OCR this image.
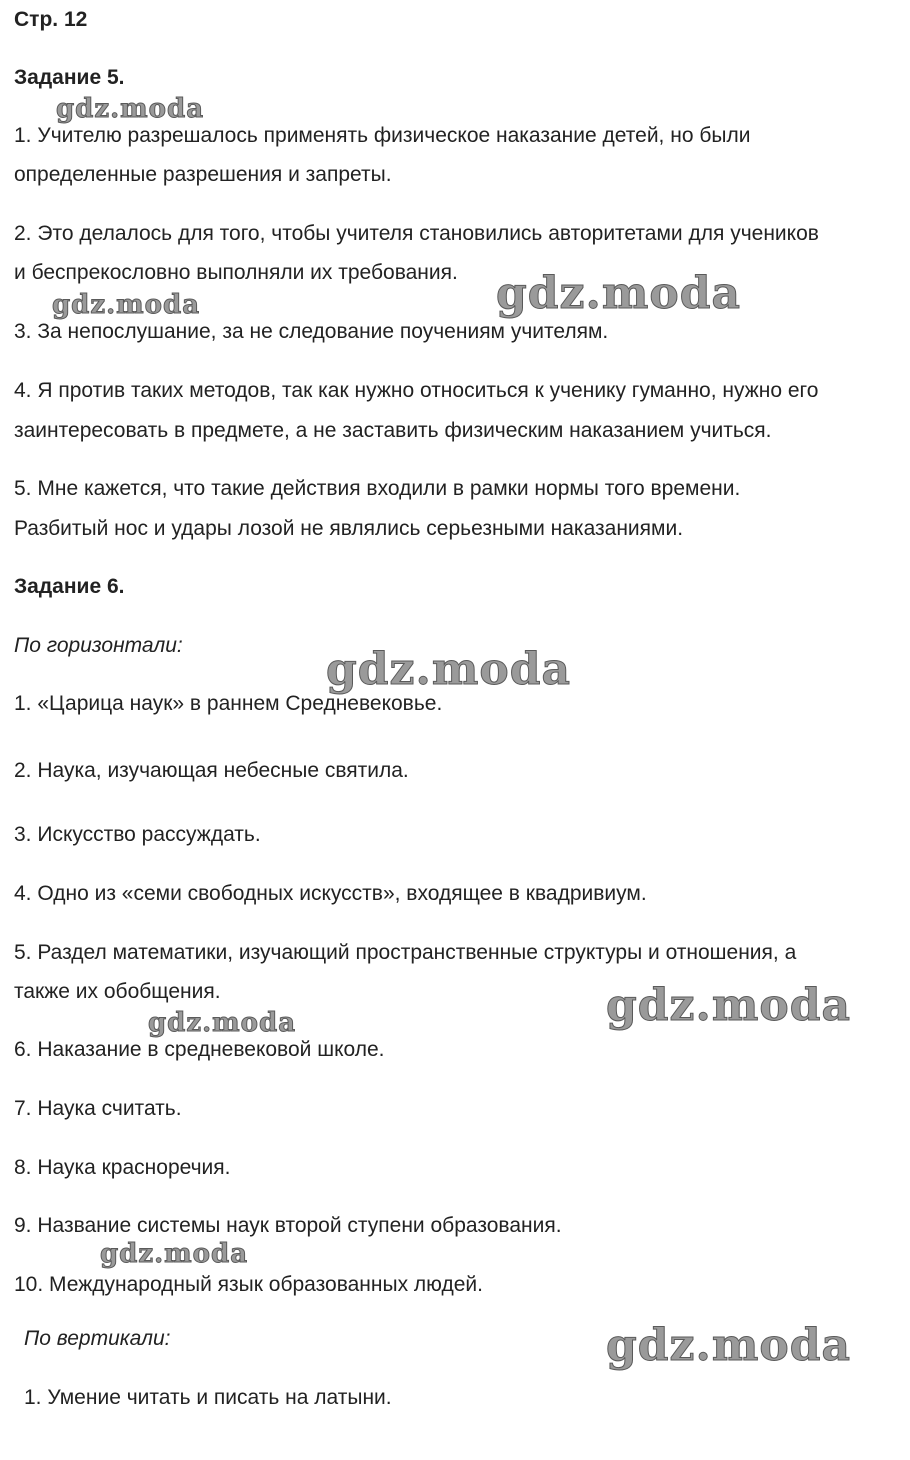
Стр. 12
Задание 5.
1. Учителю разрешалось применять физическое наказание детей, но были
определенные разрешения и запреты.
2. Это делалось для того, чтобы учителя становились авторитетами для учеников
и беспрекословно выполняли их требования.
3. За непослушание, за не следование поучениям учителям.
4. Я против таких методов, так как нужно относиться к ученику гуманно, нужно его
заинтересовать в предмете, а не заставить физическим наказанием учиться.
5. Мне кажется, что такие действия входили в рамки нормы того времени.
Разбитый нос и удары лозой не являлись серьезными наказаниями.
Задание 6.
По горизонтали:
1. «Царица наук» в раннем Средневековье.
2. Наука, изучающая небесные святила.
3. Искусство рассуждать.
4. Одно из «семи свободных искусств», входящее в квадривиум.
5. Раздел математики, изучающий пространственные структуры и отношения, а
также их обобщения.
6. Наказание в средневековой школе.
7. Наука считать.
8. Наука красноречия.
9. Название системы наук второй ступени образования.
10. Международный язык образованных людей.
По вертикали:
1. Умение читать и писать на латыни.
gdz.moda
gdz.moda
gdz.moda
gdz.moda
gdz.moda
gdz.moda
gdz.moda
gdz.moda
